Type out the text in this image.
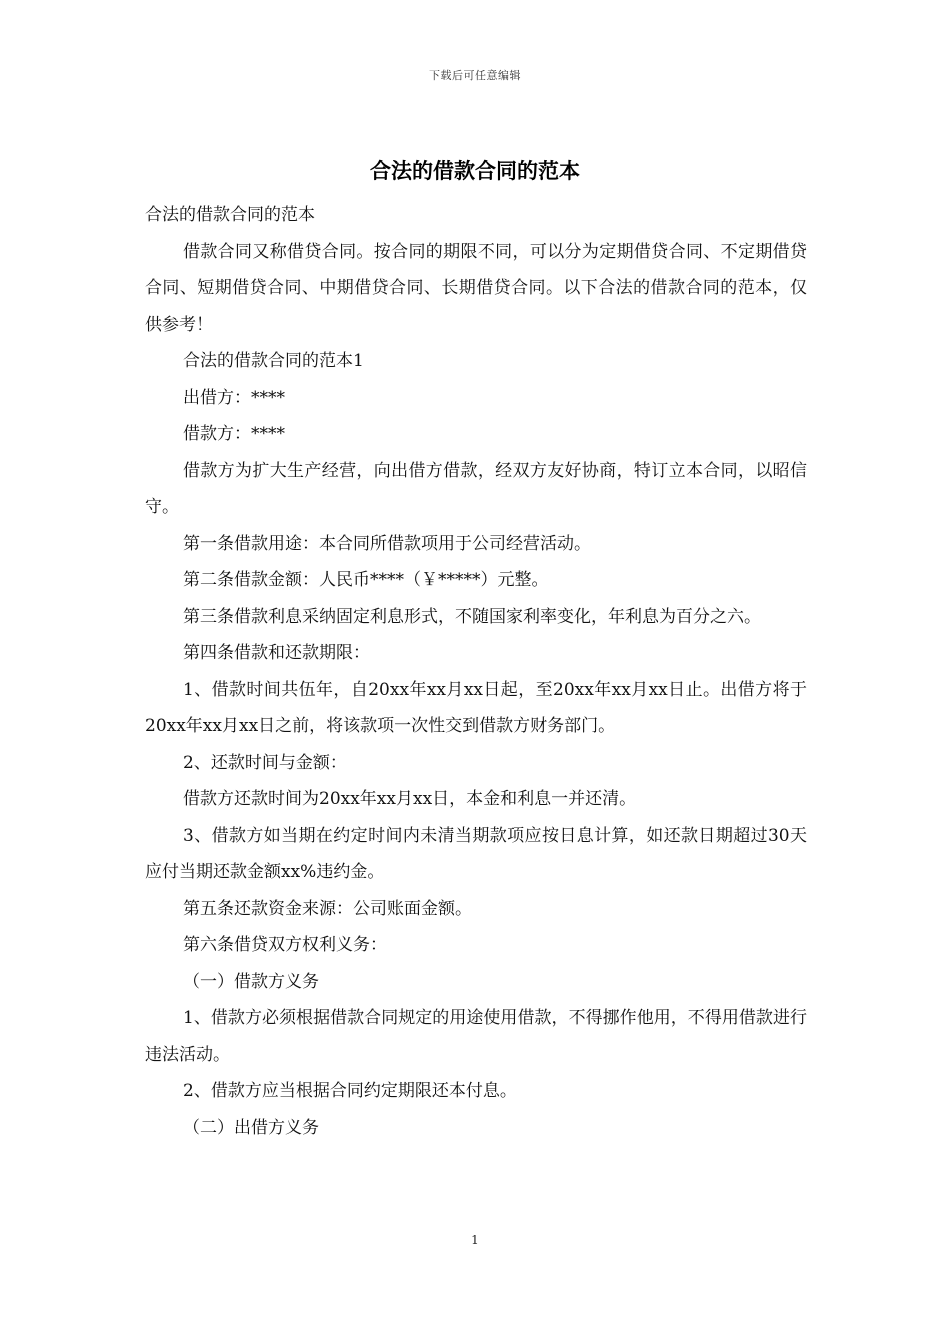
下载后可任意编辑
合法的借款合同的范本

合法的借款合同的范本

借款合同又称借贷合同。按合同的期限不同，可以分为定期借贷合同、不定期借贷合同、短期借贷合同、中期借贷合同、长期借贷合同。以下合法的借款合同的范本，仅供参考！

合法的借款合同的范本1

出借方：****

借款方：****

借款方为扩大生产经营，向出借方借款，经双方友好协商，特订立本合同，以昭信守。

第一条借款用途：本合同所借款项用于公司经营活动。

第二条借款金额：人民币****（￥*****）元整。

第三条借款利息采纳固定利息形式，不随国家利率变化，年利息为百分之六。

第四条借款和还款期限：

1、借款时间共伍年，自20xx年xx月xx日起，至20xx年xx月xx日止。出借方将于20xx年xx月xx日之前，将该款项一次性交到借款方财务部门。

2、还款时间与金额：

借款方还款时间为20xx年xx月xx日，本金和利息一并还清。

3、借款方如当期在约定时间内未清当期款项应按日息计算，如还款日期超过30天应付当期还款金额xx%违约金。

第五条还款资金来源：公司账面金额。

第六条借贷双方权利义务：

（一）借款方义务

1、借款方必须根据借款合同规定的用途使用借款，不得挪作他用，不得用借款进行违法活动。

2、借款方应当根据合同约定期限还本付息。

（二）出借方义务

1
